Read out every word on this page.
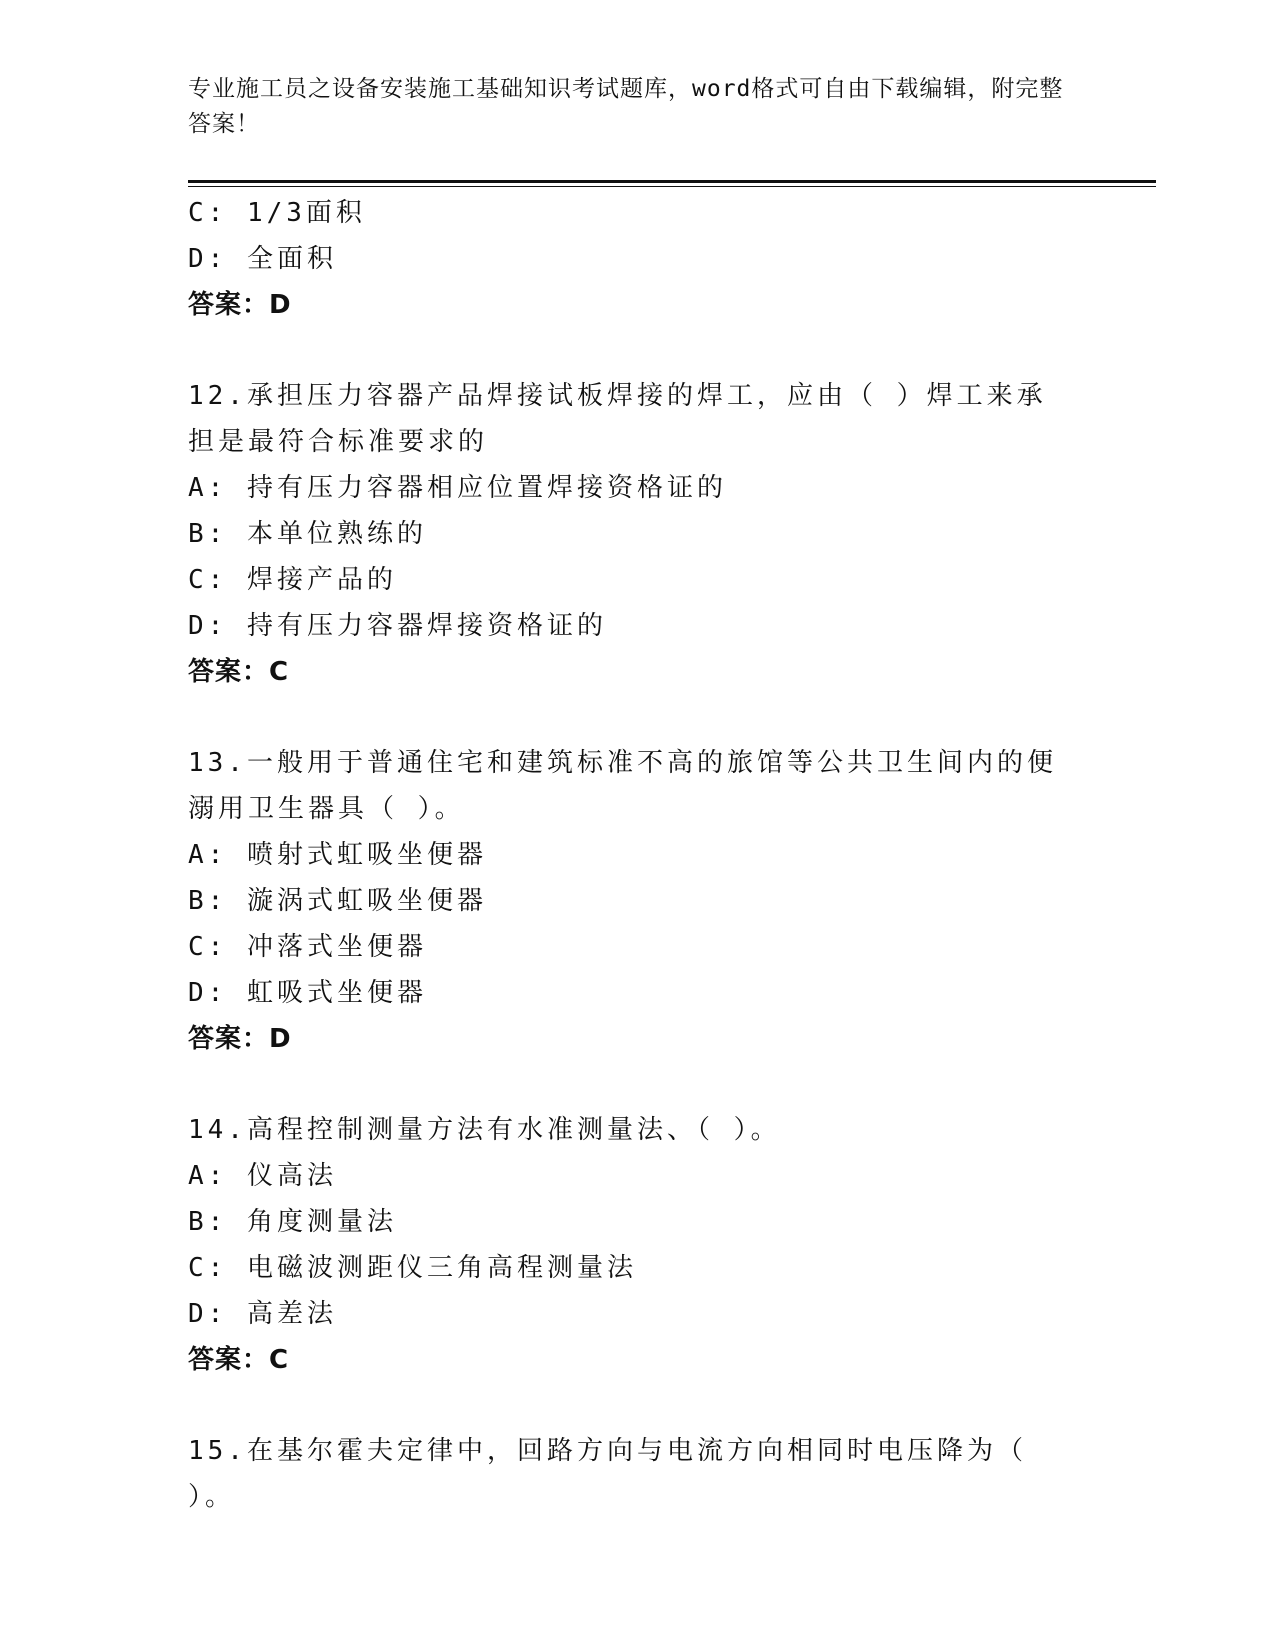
专业施工员之设备安装施工基础知识考试题库，word格式可自由下载编辑，附完整答案！
C: 1/3面积
D: 全面积
答案：D
12.承担压力容器产品焊接试板焊接的焊工，应由（ ）焊工来承担是最符合标准要求的
A: 持有压力容器相应位置焊接资格证的
B: 本单位熟练的
C: 焊接产品的
D: 持有压力容器焊接资格证的
答案：C
13.一般用于普通住宅和建筑标准不高的旅馆等公共卫生间内的便溺用卫生器具（ ）。
A: 喷射式虹吸坐便器
B: 漩涡式虹吸坐便器
C: 冲落式坐便器
D: 虹吸式坐便器
答案：D
14.高程控制测量方法有水准测量法、（ ）。
A: 仪高法
B: 角度测量法
C: 电磁波测距仪三角高程测量法
D: 高差法
答案：C
15.在基尔霍夫定律中，回路方向与电流方向相同时电压降为（ ）。
